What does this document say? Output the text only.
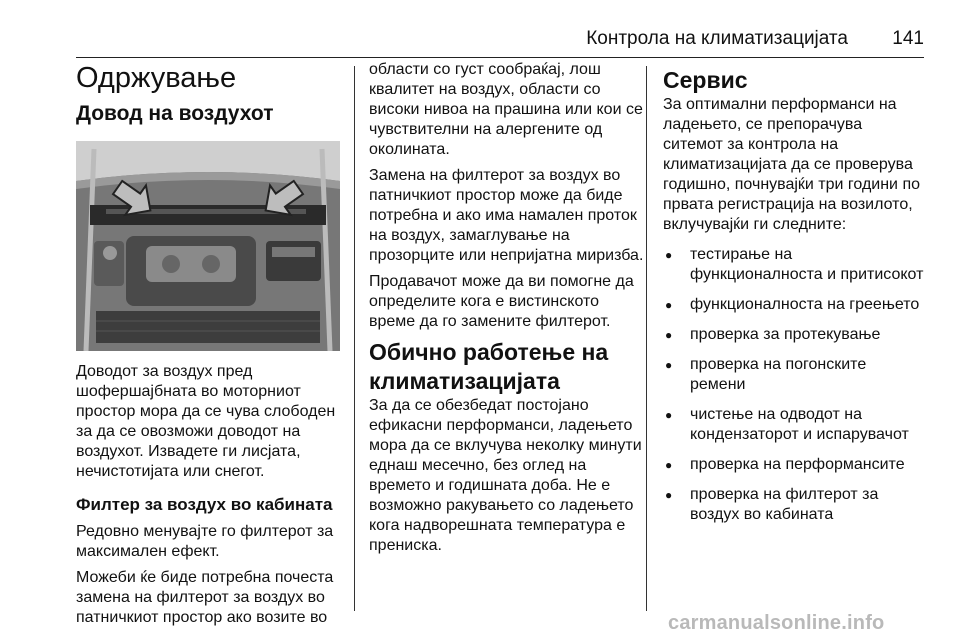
Контрола на климатизацијата 141
Одржување
Довод на воздухот

Доводот за воздух пред шофершајбната во моторниот простор мора да се чува слободен за да се овозможи доводот на воздухот. Извадете ги лисјата, нечистотијата или снегот.

Филтер за воздух во кабината

Редовно менувајте го филтерот за максимален ефект.

Можеби ќе биде потребна почеста замена на филтерот за воздух во патничкиот простор ако возите во

области со густ сообраќај, лош квалитет на воздух, области со високи нивоа на прашина или кои се чувствителни на алергените од околината.

Замена на филтерот за воздух во патничкиот простор може да биде потребна и ако има намален проток на воздух, замаглување на прозорците или непријатна миризба.

Продавачот може да ви помогне да определите кога е вистинското време да го замените филтерот.

Обично работење на климатизацијата

За да се обезбедат постојано ефикасни перформанси, ладењето мора да се вклучува неколку минути еднаш месечно, без оглед на времето и годишната доба. Не е возможно ракувањето со ладењето кога надворешната температура е прениска.

Сервис

За оптимални перформанси на ладењето, се препорачува ситемот за контрола на климатизацијата да се проверува годишно, почнувајќи три години по првата регистрација на возилото, вклучувајќи ги следните:

● тестирање на функционалноста и притисокот
● функционалноста на греењето
● проверка за протекување
● проверка на погонските ремени
● чистење на одводот на кондензаторот и испарувачот
● проверка на перформансите
● проверка на филтерот за воздух во кабината
carmanualsonline.info
